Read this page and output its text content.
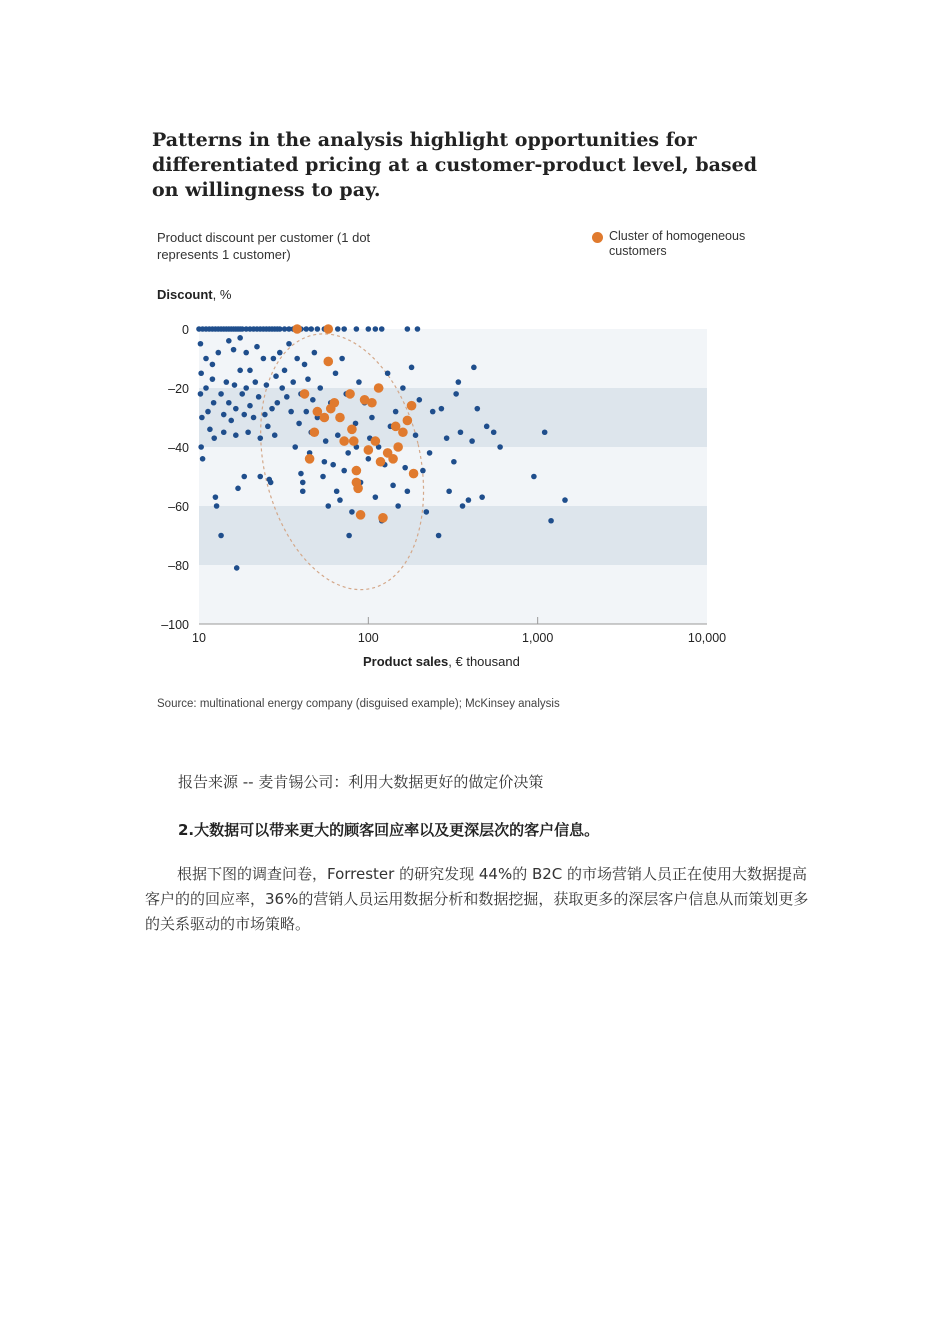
Patterns in the analysis highlight opportunities for differentiated pricing at a customer-product level, based on willingness to pay.
Product discount per customer (1 dot represents 1 customer)
Cluster of homogeneous customers
Discount, %
10	100	1,000	10,000
0
–20
–40
–60
–80
–100
Product sales, € thousand
Source: multinational energy company (disguised example); McKinsey analysis

报告来源 -- 麦肯锡公司：利用大数据更好的做定价决策

2.大数据可以带来更大的顾客回应率以及更深层次的客户信息。

根据下图的调查问卷，Forrester 的研究发现 44%的 B2C 的市场营销人员正在使用大数据提高客户的的回应率，36%的营销人员运用数据分析和数据挖掘，获取更多的深层客户信息从而策划更多的关系驱动的市场策略。
